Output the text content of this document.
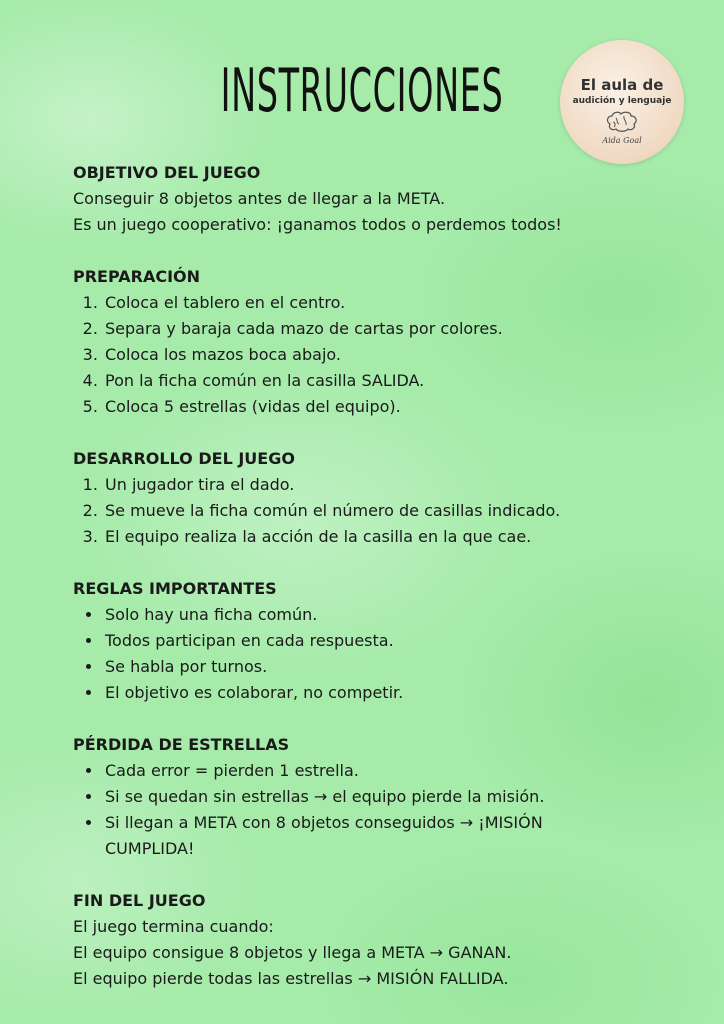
INSTRUCCIONES	El aula de
audición y lenguaje
Aida Goal
OBJETIVO DEL JUEGO

Conseguir 8 objetos antes de llegar a la META.

Es un juego cooperativo: ¡ganamos todos o perdemos todos!

PREPARACIÓN
1. Coloca el tablero en el centro.
2. Separa y baraja cada mazo de cartas por colores.
3. Coloca los mazos boca abajo.
4. Pon la ficha común en la casilla SALIDA.
5. Coloca 5 estrellas (vidas del equipo).
DESARROLLO DEL JUEGO
1. Un jugador tira el dado.
2. Se mueve la ficha común el número de casillas indicado.
3. El equipo realiza la acción de la casilla en la que cae.
REGLAS IMPORTANTES
• Solo hay una ficha común.
• Todos participan en cada respuesta.
• Se habla por turnos.
• El objetivo es colaborar, no competir.
PÉRDIDA DE ESTRELLAS
• Cada error = pierden 1 estrella.
• Si se quedan sin estrellas → el equipo pierde la misión.
• Si llegan a META con 8 objetos conseguidos → ¡MISIÓN CUMPLIDA!
FIN DEL JUEGO

El juego termina cuando:

El equipo consigue 8 objetos y llega a META → GANAN.

El equipo pierde todas las estrellas → MISIÓN FALLIDA.
